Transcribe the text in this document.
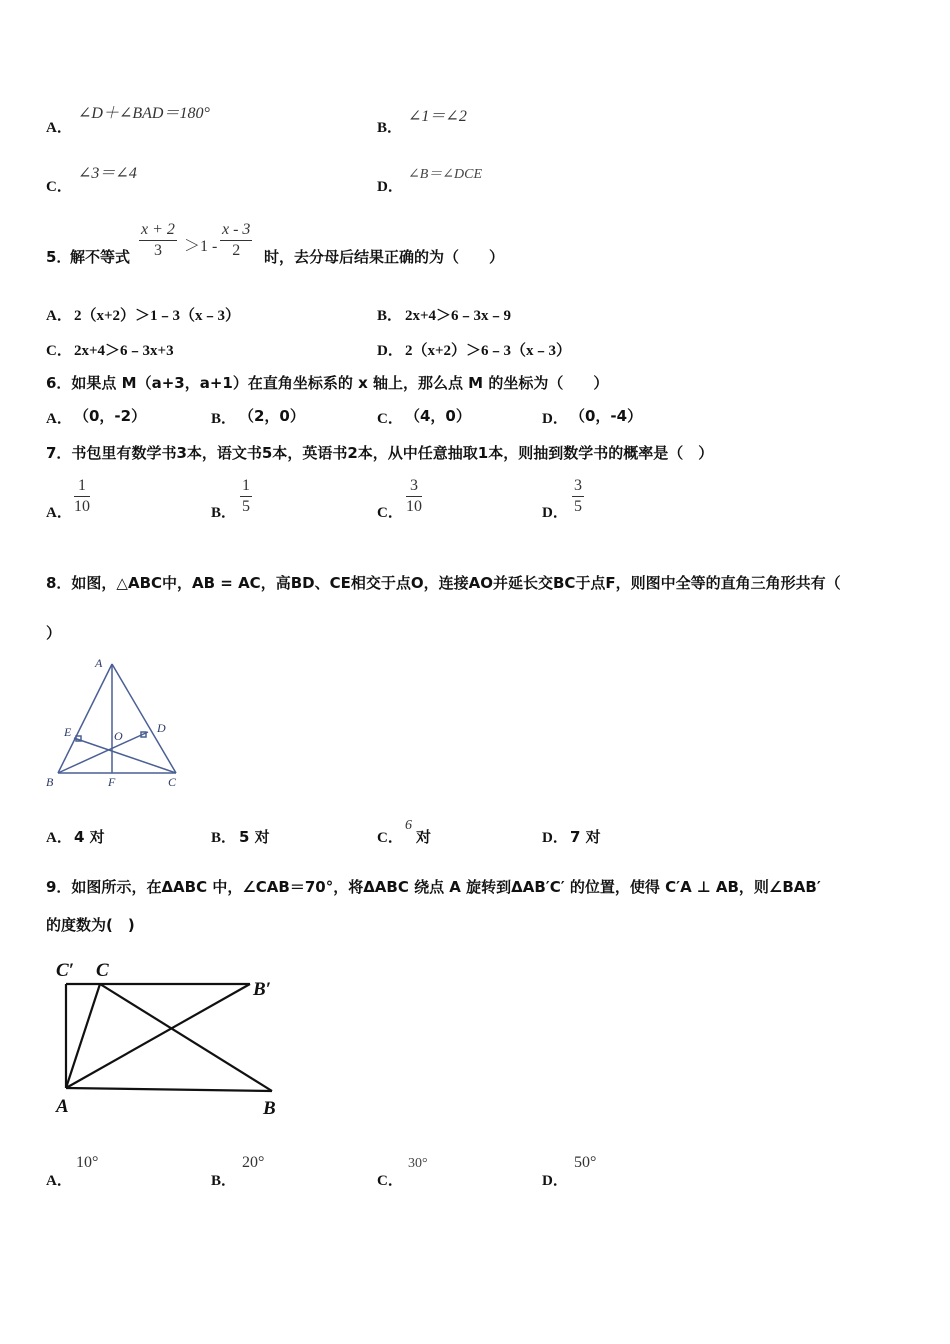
A．
∠D＋∠BAD＝180°
B．
∠1＝∠2
C．
∠3＝∠4
D．
∠B＝∠DCE
5．
解不等式 $\frac{x + 2}{3} >1 - \frac{x - 3}{2}$ 时，去分母后结果正确的为（　　）
A． 2（x+2）＞1﹣3（x﹣3）	B． 2x+4＞6﹣3x﹣9
C． 2x+4＞6﹣3x+3	D． 2（x+2）＞6﹣3（x﹣3）
6．如果点 M（a+3，a+1）在直角坐标系的 x 轴上，那么点 M 的坐标为（　　）
A． （0，-2）	B． （2，0）	C． （4，0）	D． （0，-4）
7．书包里有数学书3本，语文书5本，英语书2本，从中任意抽取1本，则抽到数学书的概率是（　）
A． $\frac{1}{10}$	B． $\frac{1}{5}$	C． $\frac{3}{10}$	D． $\frac{3}{5}$
8．如图，△ABC中，AB = AC，高BD、CE相交于点O，连接AO并延长交BC于点F，则图中全等的直角三角形共有（
）
A
E	O
D
B	F	C
A． 4 对	B． 5 对	C．
6
对	D． 7 对
9．如图所示，在ΔABC 中，∠CAB＝70°，将ΔABC 绕点 A 旋转到ΔAB′C′ 的位置，使得 C′A ⊥ AB，则∠BAB′
的度数为(　)
C′ C
B′
A	B
A．
10°
B．
20°
C．
30°
D．
50°
